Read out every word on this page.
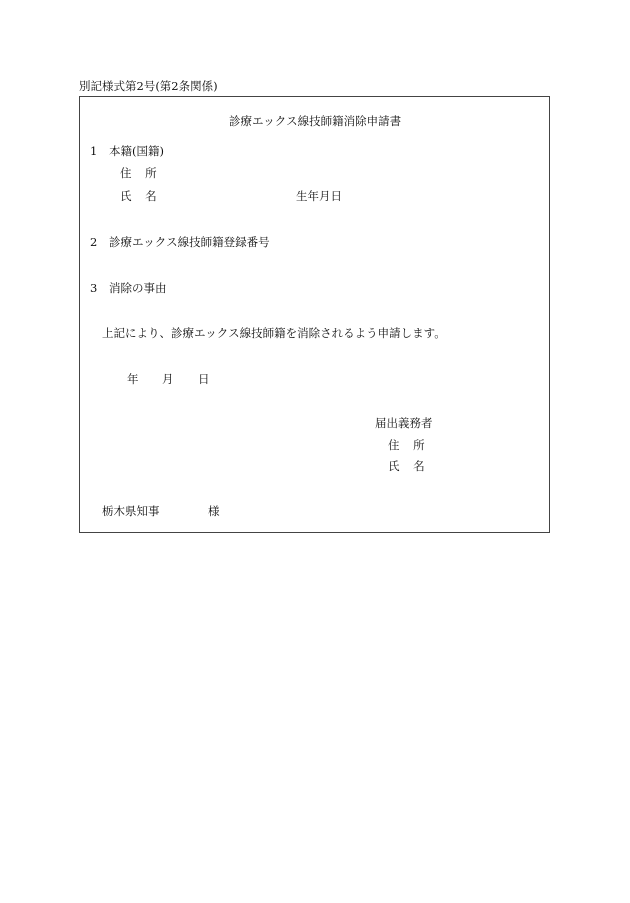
別記様式第2号(第2条関係)
診療エックス線技師籍消除申請書
1 本籍(国籍)
住 所
氏 名	生年月日
2 診療エックス線技師籍登録番号
3 消除の事由
上記により、診療エックス線技師籍を消除されるよう申請します。
年 月 日
届出義務者
住 所
氏 名
栃木県知事	様
